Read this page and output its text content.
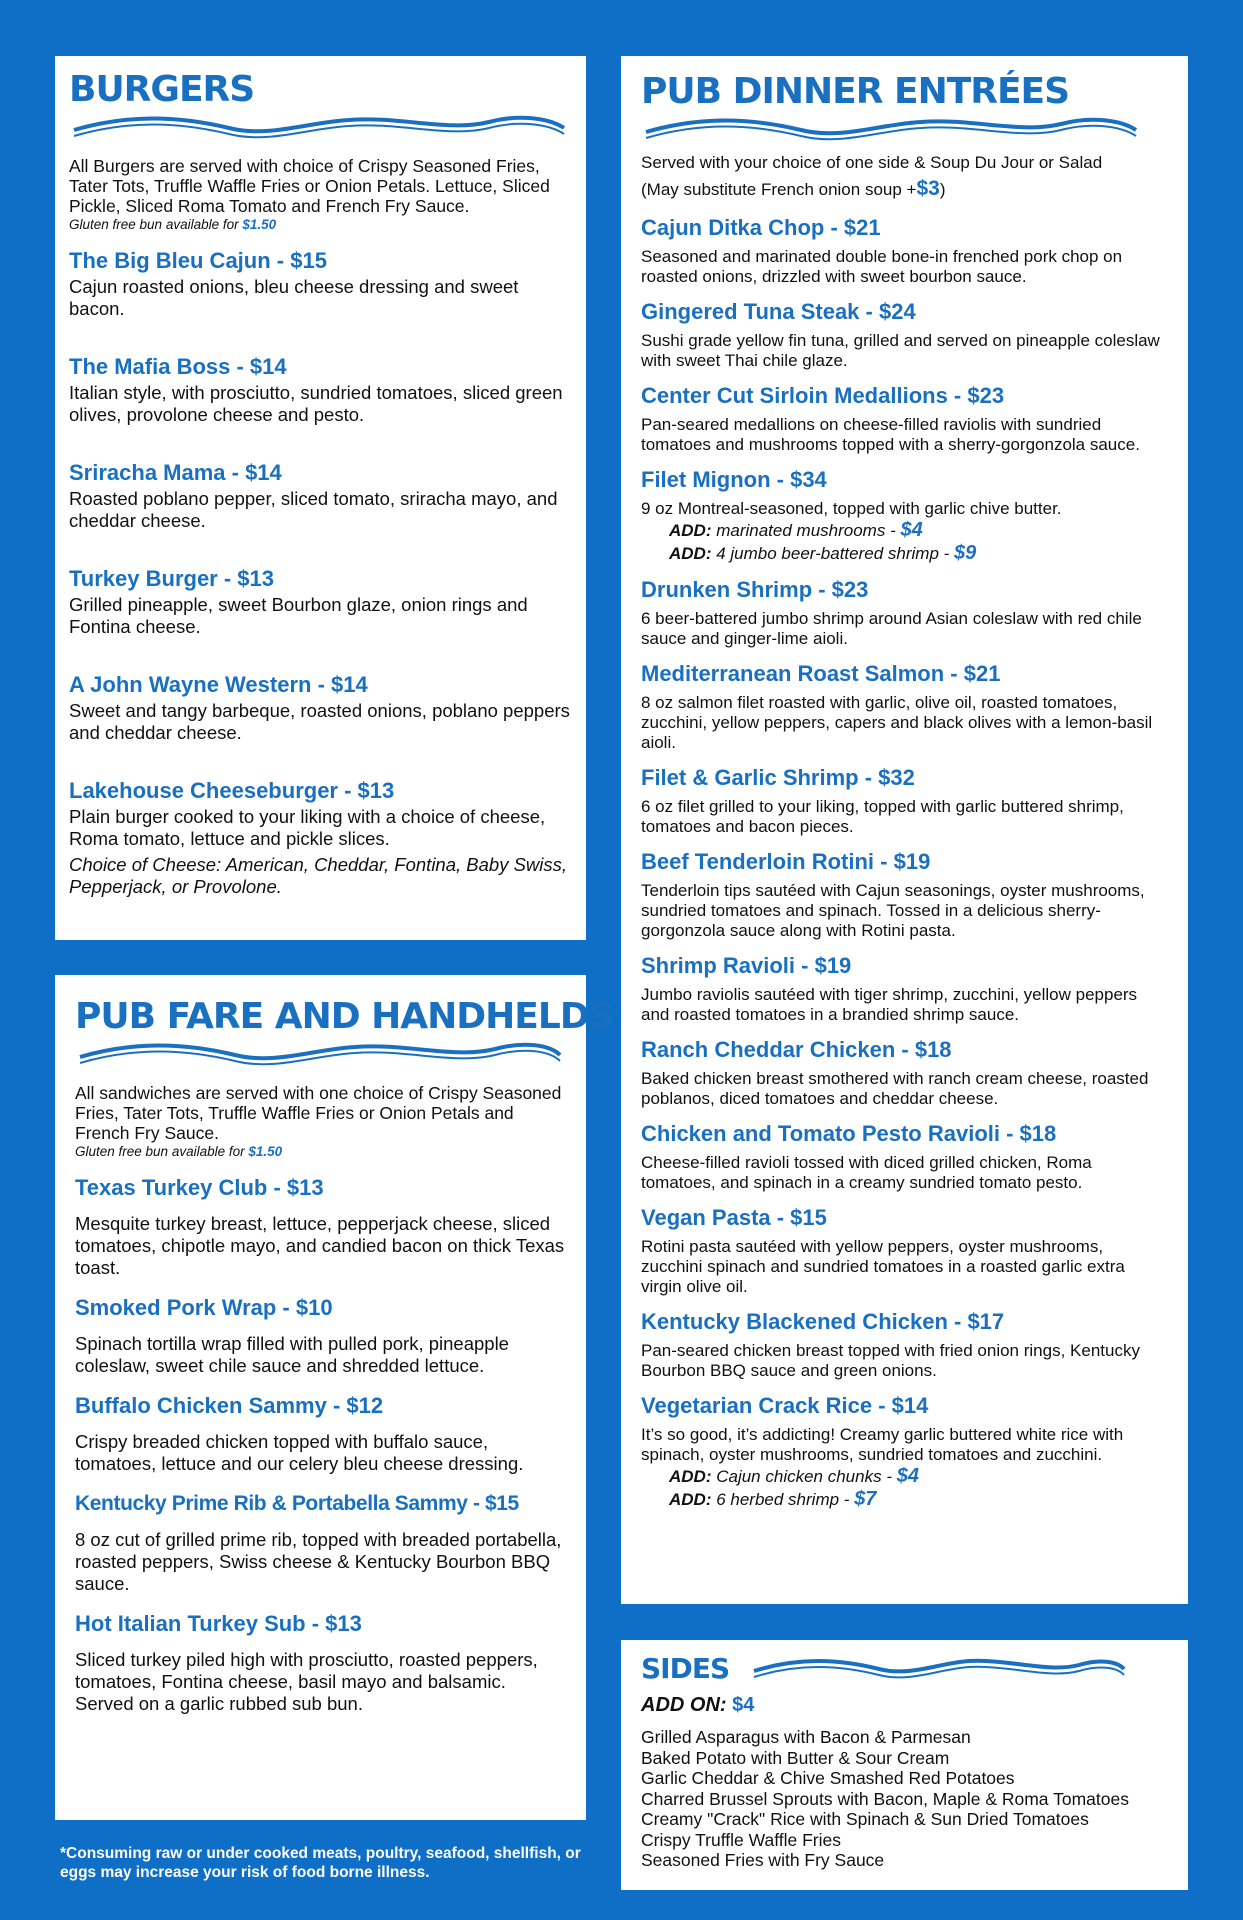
BURGERS

All Burgers are served with choice of Crispy Seasoned Fries, Tater Tots, Truffle Waffle Fries or Onion Petals. Lettuce, Sliced Pickle, Sliced Roma Tomato and French Fry Sauce.

Gluten free bun available for $1.50

The Big Bleu Cajun - $15

Cajun roasted onions, bleu cheese dressing and sweet bacon.

The Mafia Boss - $14

Italian style, with prosciutto, sundried tomatoes, sliced green olives, provolone cheese and pesto.

Sriracha Mama - $14

Roasted poblano pepper, sliced tomato, sriracha mayo, and cheddar cheese.

Turkey Burger - $13

Grilled pineapple, sweet Bourbon glaze, onion rings and Fontina cheese.

A John Wayne Western - $14

Sweet and tangy barbeque, roasted onions, poblano peppers and cheddar cheese.

Lakehouse Cheeseburger - $13

Plain burger cooked to your liking with a choice of cheese, Roma tomato, lettuce and pickle slices.

Choice of Cheese: American, Cheddar, Fontina, Baby Swiss, Pepperjack, or Provolone.

PUB FARE AND HANDHELDS

All sandwiches are served with one choice of Crispy Seasoned Fries, Tater Tots, Truffle Waffle Fries or Onion Petals and French Fry Sauce.

Gluten free bun available for $1.50

Texas Turkey Club - $13

Mesquite turkey breast, lettuce, pepperjack cheese, sliced tomatoes, chipotle mayo, and candied bacon on thick Texas toast.

Smoked Pork Wrap - $10

Spinach tortilla wrap filled with pulled pork, pineapple coleslaw, sweet chile sauce and shredded lettuce.

Buffalo Chicken Sammy - $12

Crispy breaded chicken topped with buffalo sauce, tomatoes, lettuce and our celery bleu cheese dressing.

Kentucky Prime Rib & Portabella Sammy - $15

8 oz cut of grilled prime rib, topped with breaded portabella, roasted peppers, Swiss cheese & Kentucky Bourbon BBQ sauce.

Hot Italian Turkey Sub - $13

Sliced turkey piled high with prosciutto, roasted peppers, tomatoes, Fontina cheese, basil mayo and balsamic. Served on a garlic rubbed sub bun.

PUB DINNER ENTRÉES

Served with your choice of one side & Soup Du Jour or Salad

(May substitute French onion soup +$3)

Cajun Ditka Chop - $21

Seasoned and marinated double bone-in frenched pork chop on roasted onions, drizzled with sweet bourbon sauce.

Gingered Tuna Steak - $24

Sushi grade yellow fin tuna, grilled and served on pineapple coleslaw with sweet Thai chile glaze.

Center Cut Sirloin Medallions - $23

Pan-seared medallions on cheese-filled raviolis with sundried tomatoes and mushrooms topped with a sherry-gorgonzola sauce.

Filet Mignon - $34

9 oz Montreal-seasoned, topped with garlic chive butter.

ADD: marinated mushrooms - $4

ADD: 4 jumbo beer-battered shrimp - $9

Drunken Shrimp - $23

6 beer-battered jumbo shrimp around Asian coleslaw with red chile sauce and ginger-lime aioli.

Mediterranean Roast Salmon - $21

8 oz salmon filet roasted with garlic, olive oil, roasted tomatoes, zucchini, yellow peppers, capers and black olives with a lemon-basil aioli.

Filet & Garlic Shrimp - $32

6 oz filet grilled to your liking, topped with garlic buttered shrimp, tomatoes and bacon pieces.

Beef Tenderloin Rotini - $19

Tenderloin tips sautéed with Cajun seasonings, oyster mushrooms, sundried tomatoes and spinach. Tossed in a delicious sherry-gorgonzola sauce along with Rotini pasta.

Shrimp Ravioli - $19

Jumbo raviolis sautéed with tiger shrimp, zucchini, yellow peppers and roasted tomatoes in a brandied shrimp sauce.

Ranch Cheddar Chicken - $18

Baked chicken breast smothered with ranch cream cheese, roasted poblanos, diced tomatoes and cheddar cheese.

Chicken and Tomato Pesto Ravioli - $18

Cheese-filled ravioli tossed with diced grilled chicken, Roma tomatoes, and spinach in a creamy sundried tomato pesto.

Vegan Pasta - $15

Rotini pasta sautéed with yellow peppers, oyster mushrooms, zucchini spinach and sundried tomatoes in a roasted garlic extra virgin olive oil.

Kentucky Blackened Chicken - $17

Pan-seared chicken breast topped with fried onion rings, Kentucky Bourbon BBQ sauce and green onions.

Vegetarian Crack Rice - $14

It’s so good, it’s addicting! Creamy garlic buttered white rice with spinach, oyster mushrooms, sundried tomatoes and zucchini.

ADD: Cajun chicken chunks - $4

ADD: 6 herbed shrimp - $7

SIDES

ADD ON: $4

Grilled Asparagus with Bacon & Parmesan
Baked Potato with Butter & Sour Cream
Garlic Cheddar & Chive Smashed Red Potatoes
Charred Brussel Sprouts with Bacon, Maple & Roma Tomatoes
Creamy "Crack" Rice with Spinach & Sun Dried Tomatoes
Crispy Truffle Waffle Fries
Seasoned Fries with Fry Sauce

*Consuming raw or under cooked meats, poultry, seafood, shellfish, or eggs may increase your risk of food borne illness.
